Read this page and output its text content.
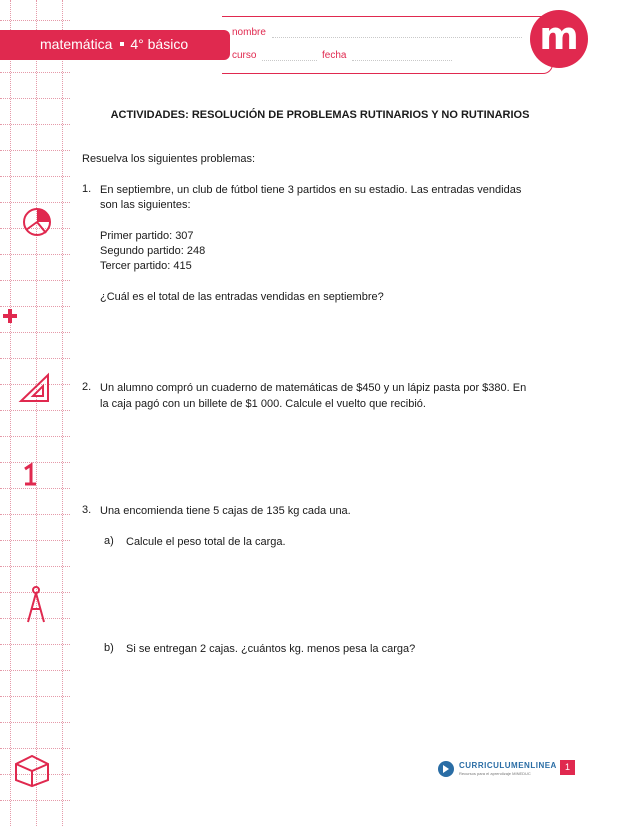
matemática 4° básico
nombre
curso	fecha	m
ACTIVIDADES: RESOLUCIÓN DE PROBLEMAS RUTINARIOS Y NO RUTINARIOS
Resuelva los siguientes problemas:
1. En septiembre, un club de fútbol tiene 3 partidos en su estadio. Las entradas vendidas
son las siguientes:
Primer partido: 307
Segundo partido: 248
Tercer partido: 415
¿Cuál es el total de las entradas vendidas en septiembre?
2. Un alumno compró un cuaderno de matemáticas de $450 y un lápiz pasta por $380. En
la caja pagó con un billete de $1 000. Calcule el vuelto que recibió.
3. Una encomienda tiene 5 cajas de 135 kg cada una.
a) Calcule el peso total de la carga.
b) Si se entregan 2 cajas. ¿cuántos kg. menos pesa la carga?
CURRICULUMENLINEA
Recursos para el aprendizaje MINEDUC
1
